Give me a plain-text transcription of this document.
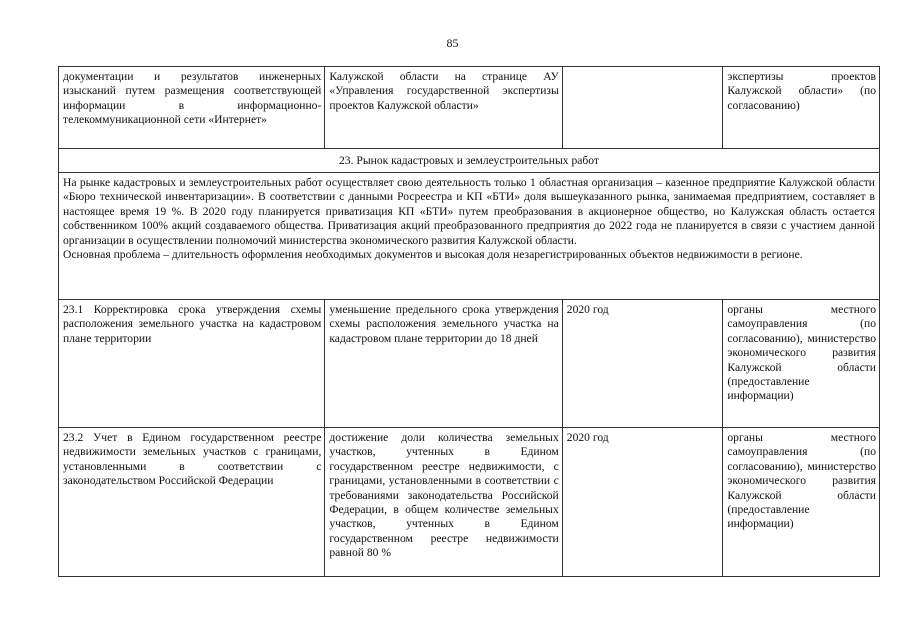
85
документации и результатов инженерных изысканий путем размещения соответствующей информации в информационно-телекоммуникационной сети «Интернет»
Калужской области на странице АУ «Управления государственной экспертизы проектов Калужской области»
экспертизы проектов Калужской области» (по согласованию)
23. Рынок кадастровых и землеустроительных работ

На рынке кадастровых и землеустроительных работ осуществляет свою деятельность только 1 областная организация – казенное предприятие Калужской области «Бюро технической инвентаризации». В соответствии с данными Росреестра и КП «БТИ» доля вышеуказанного рынка, занимаемая предприятием, составляет в настоящее время 19 %. В 2020 году планируется приватизация КП «БТИ» путем преобразования в акционерное общество, но Калужская область остается собственником 100% акций создаваемого общества. Приватизация акций преобразованного предприятия до 2022 года не планируется в связи с участием данной организации в осуществлении полномочий министерства экономического развития Калужской области.

Основная проблема – длительность оформления необходимых документов и высокая доля незарегистрированных объектов недвижимости в регионе.

23.1 Корректировка срока утверждения схемы расположения земельного участка на кадастровом плане территории
уменьшение предельного срока утверждения схемы расположения земельного участка на кадастровом плане территории до 18 дней
2020 год	органы местного самоуправления (по согласованию), министерство экономического развития Калужской области (предоставление информации)
23.2 Учет в Едином государственном реестре недвижимости земельных участков с границами, установленными в соответствии с законодательством Российской Федерации
достижение доли количества земельных участков, учтенных в Едином государственном реестре недвижимости, с границами, установленными в соответствии с требованиями законодательства Российской Федерации, в общем количестве земельных участков, учтенных в Едином государственном реестре недвижимости равной 80 %
2020 год	органы местного самоуправления (по согласованию), министерство экономического развития Калужской области (предоставление информации)
